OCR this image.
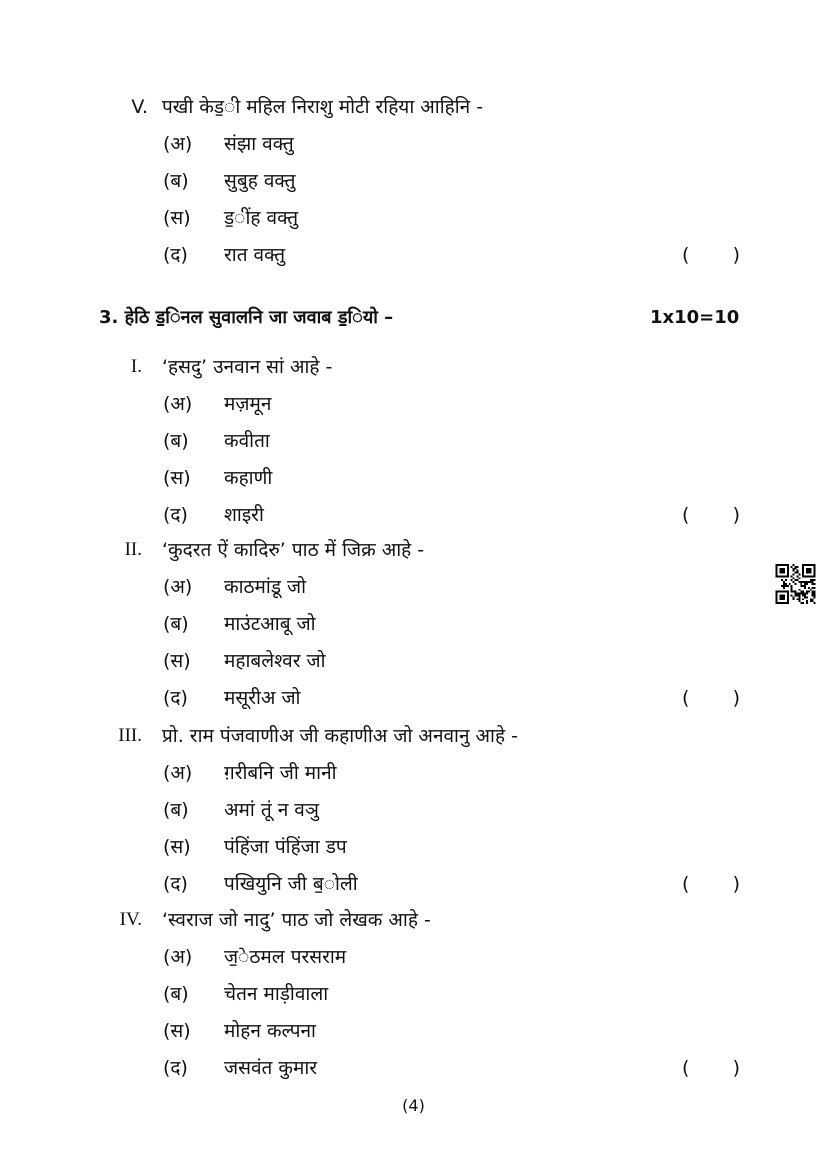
V. पखी केड॒ी महिल निराशु मोटी रहिया आहिनि -
3. हेठि ड॒िनल सुवालनि जा जवाब ड॒ियो –	1x10=10
(4)
(अ) संझा वक्तु
(ब) सुबुह वक्तु
(स) ड॒ींह वक्तु
(द) रात वक्तु	( )
I. ‘हसदु’ उनवान सां आहे -
(अ) मज़मून
(ब) कवीता
(स) कहाणी
(द) शाइरी	( )
II. ‘कुदरत ऐं कादिरु’ पाठ में जिक्र आहे -
(अ) काठमांडू जो
(ब) माउंटआबू जो
(स) महाबलेश्वर जो
(द) मसूरीअ जो	( )
III. प्रो. राम पंजवाणीअ जी कहाणीअ जो अनवानु आहे -
(अ) ग़रीबनि जी मानी
(ब) अमां तूं न वञु
(स) पंहिंजा पंहिंजा डप
(द) पखियुनि जी ब॒ोली	( )
IV. ‘स्वराज जो नादु’ पाठ जो लेखक आहे -
(अ) ज॒ेठमल परसराम
(ब) चेतन माड़ीवाला
(स) मोहन कल्पना
(द) जसवंत कुमार	( )
